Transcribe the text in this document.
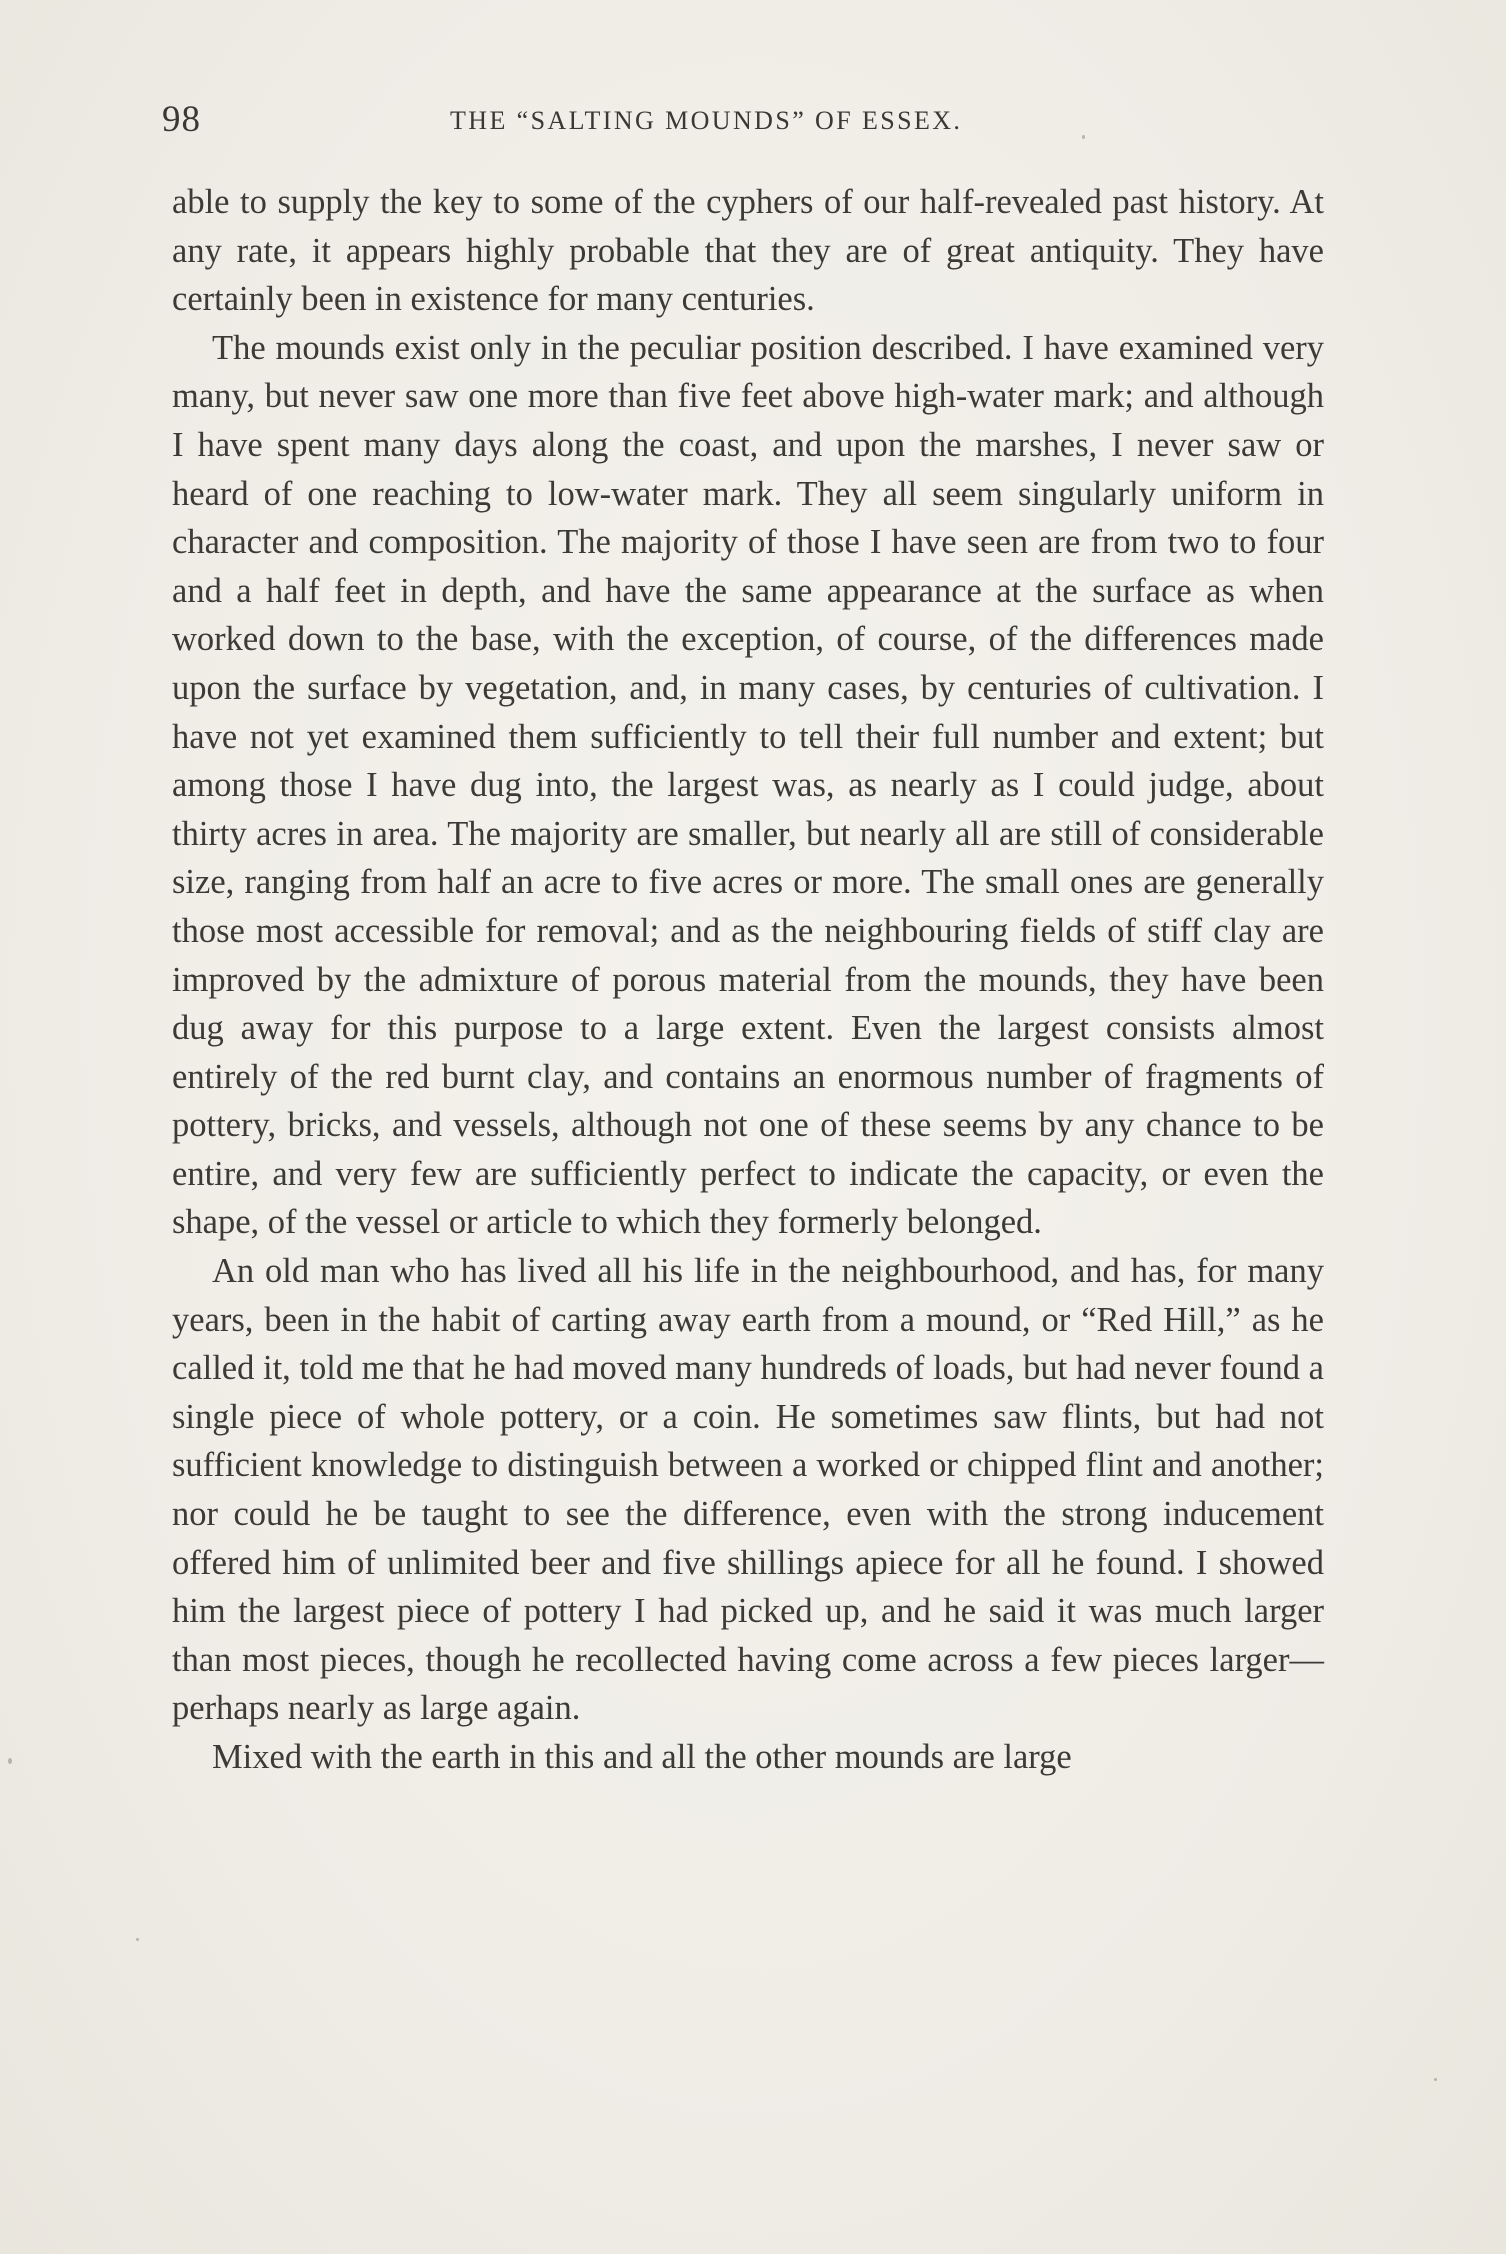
98	THE “SALTING MOUNDS” OF ESSEX.

able to supply the key to some of the cyphers of our half-revealed past history. At any rate, it appears highly probable that they are of great antiquity. They have certainly been in existence for many centuries.

The mounds exist only in the peculiar position described. I have examined very many, but never saw one more than five feet above high-water mark; and although I have spent many days along the coast, and upon the marshes, I never saw or heard of one reaching to low-water mark. They all seem singularly uniform in character and composition. The majority of those I have seen are from two to four and a half feet in depth, and have the same appearance at the surface as when worked down to the base, with the exception, of course, of the differences made upon the surface by vegetation, and, in many cases, by centuries of cultivation. I have not yet examined them sufficiently to tell their full number and extent; but among those I have dug into, the largest was, as nearly as I could judge, about thirty acres in area. The majority are smaller, but nearly all are still of considerable size, ranging from half an acre to five acres or more. The small ones are generally those most accessible for removal; and as the neighbouring fields of stiff clay are improved by the admixture of porous material from the mounds, they have been dug away for this purpose to a large extent. Even the largest consists almost entirely of the red burnt clay, and contains an enormous number of fragments of pottery, bricks, and vessels, although not one of these seems by any chance to be entire, and very few are sufficiently perfect to indicate the capacity, or even the shape, of the vessel or article to which they formerly belonged.

An old man who has lived all his life in the neighbourhood, and has, for many years, been in the habit of carting away earth from a mound, or “Red Hill,” as he called it, told me that he had moved many hundreds of loads, but had never found a single piece of whole pottery, or a coin. He sometimes saw flints, but had not sufficient knowledge to distinguish between a worked or chipped flint and another; nor could he be taught to see the difference, even with the strong inducement offered him of unlimited beer and five shillings apiece for all he found. I showed him the largest piece of pottery I had picked up, and he said it was much larger than most pieces, though he recollected having come across a few pieces larger—perhaps nearly as large again.

Mixed with the earth in this and all the other mounds are large
